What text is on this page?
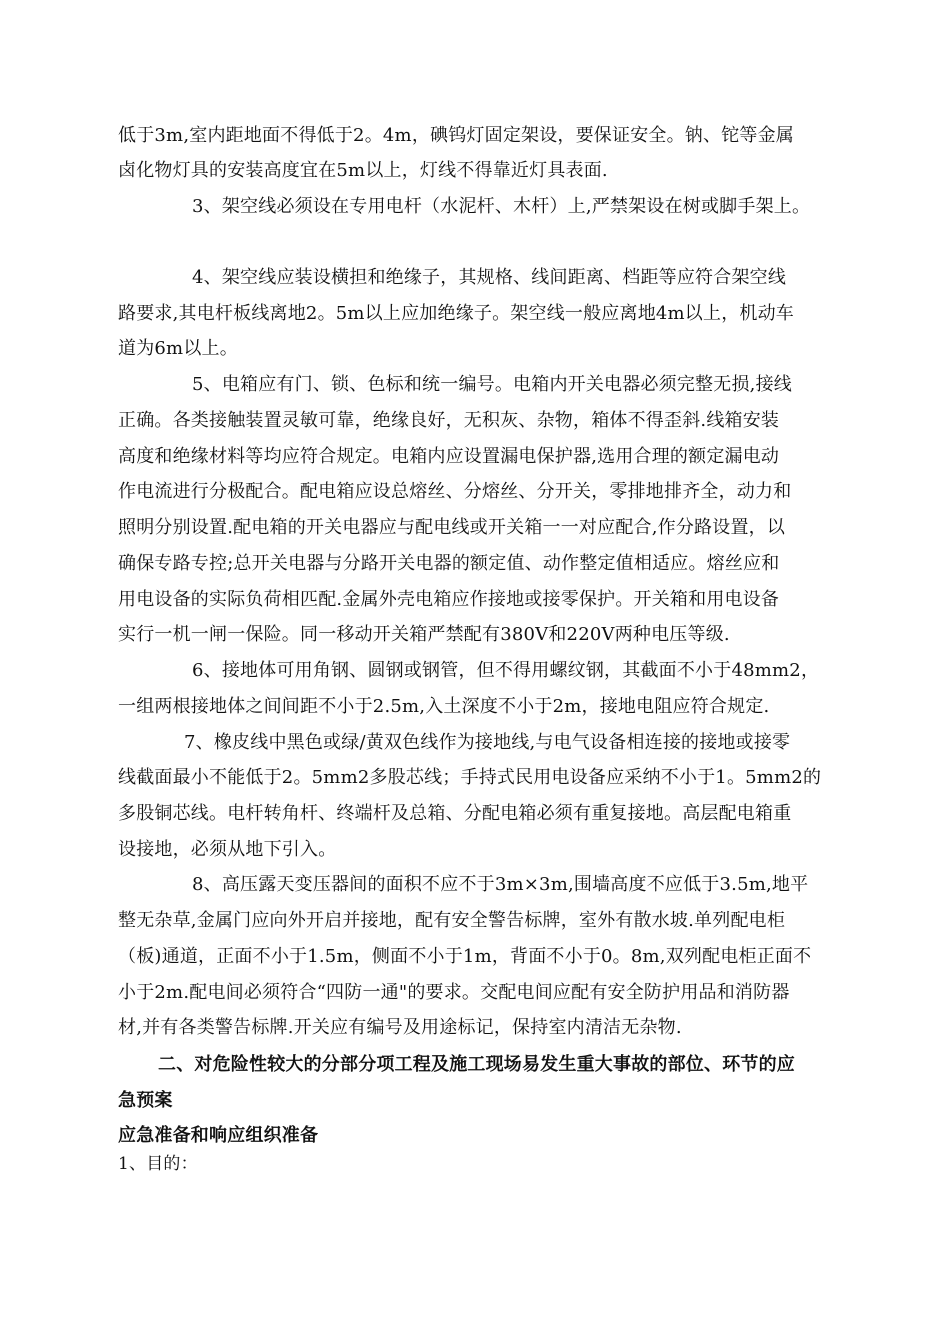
低于3m,室内距地面不得低于2。4m，碘钨灯固定架设，要保证安全。钠、铊等金属
卤化物灯具的安装高度宜在5m以上，灯线不得靠近灯具表面.
3、架空线必须设在专用电杆（水泥杆、木杆）上,严禁架设在树或脚手架上。
4、架空线应装设横担和绝缘子，其规格、线间距离、档距等应符合架空线
路要求,其电杆板线离地2。5m以上应加绝缘子。架空线一般应离地4m以上，机动车
道为6m以上。
5、电箱应有门、锁、色标和统一编号。电箱内开关电器必须完整无损,接线
正确。各类接触装置灵敏可靠，绝缘良好，无积灰、杂物，箱体不得歪斜.线箱安装
高度和绝缘材料等均应符合规定。电箱内应设置漏电保护器,选用合理的额定漏电动
作电流进行分极配合。配电箱应设总熔丝、分熔丝、分开关，零排地排齐全，动力和
照明分别设置.配电箱的开关电器应与配电线或开关箱一一对应配合,作分路设置，以
确保专路专控;总开关电器与分路开关电器的额定值、动作整定值相适应。熔丝应和
用电设备的实际负荷相匹配.金属外壳电箱应作接地或接零保护。开关箱和用电设备
实行一机一闸一保险。同一移动开关箱严禁配有380V和220V两种电压等级.
6、接地体可用角钢、圆钢或钢管，但不得用螺纹钢，其截面不小于48mm2，
一组两根接地体之间间距不小于2.5m,入土深度不小于2m，接地电阻应符合规定.
7、橡皮线中黑色或绿/黄双色线作为接地线,与电气设备相连接的接地或接零
线截面最小不能低于2。5mm2多股芯线；手持式民用电设备应采纳不小于1。5mm2的
多股铜芯线。电杆转角杆、终端杆及总箱、分配电箱必须有重复接地。高层配电箱重
设接地，必须从地下引入。
8、高压露天变压器间的面积不应不于3m×3m,围墙高度不应低于3.5m,地平
整无杂草,金属门应向外开启并接地，配有安全警告标牌，室外有散水坡.单列配电柜
（板)通道，正面不小于1.5m，侧面不小于1m，背面不小于0。8m,双列配电柜正面不
小于2m.配电间必须符合“四防一通"的要求。交配电间应配有安全防护用品和消防器
材,并有各类警告标牌.开关应有编号及用途标记，保持室内清洁无杂物.
二、对危险性较大的分部分项工程及施工现场易发生重大事故的部位、环节的应
急预案
应急准备和响应组织准备
1、目的：
